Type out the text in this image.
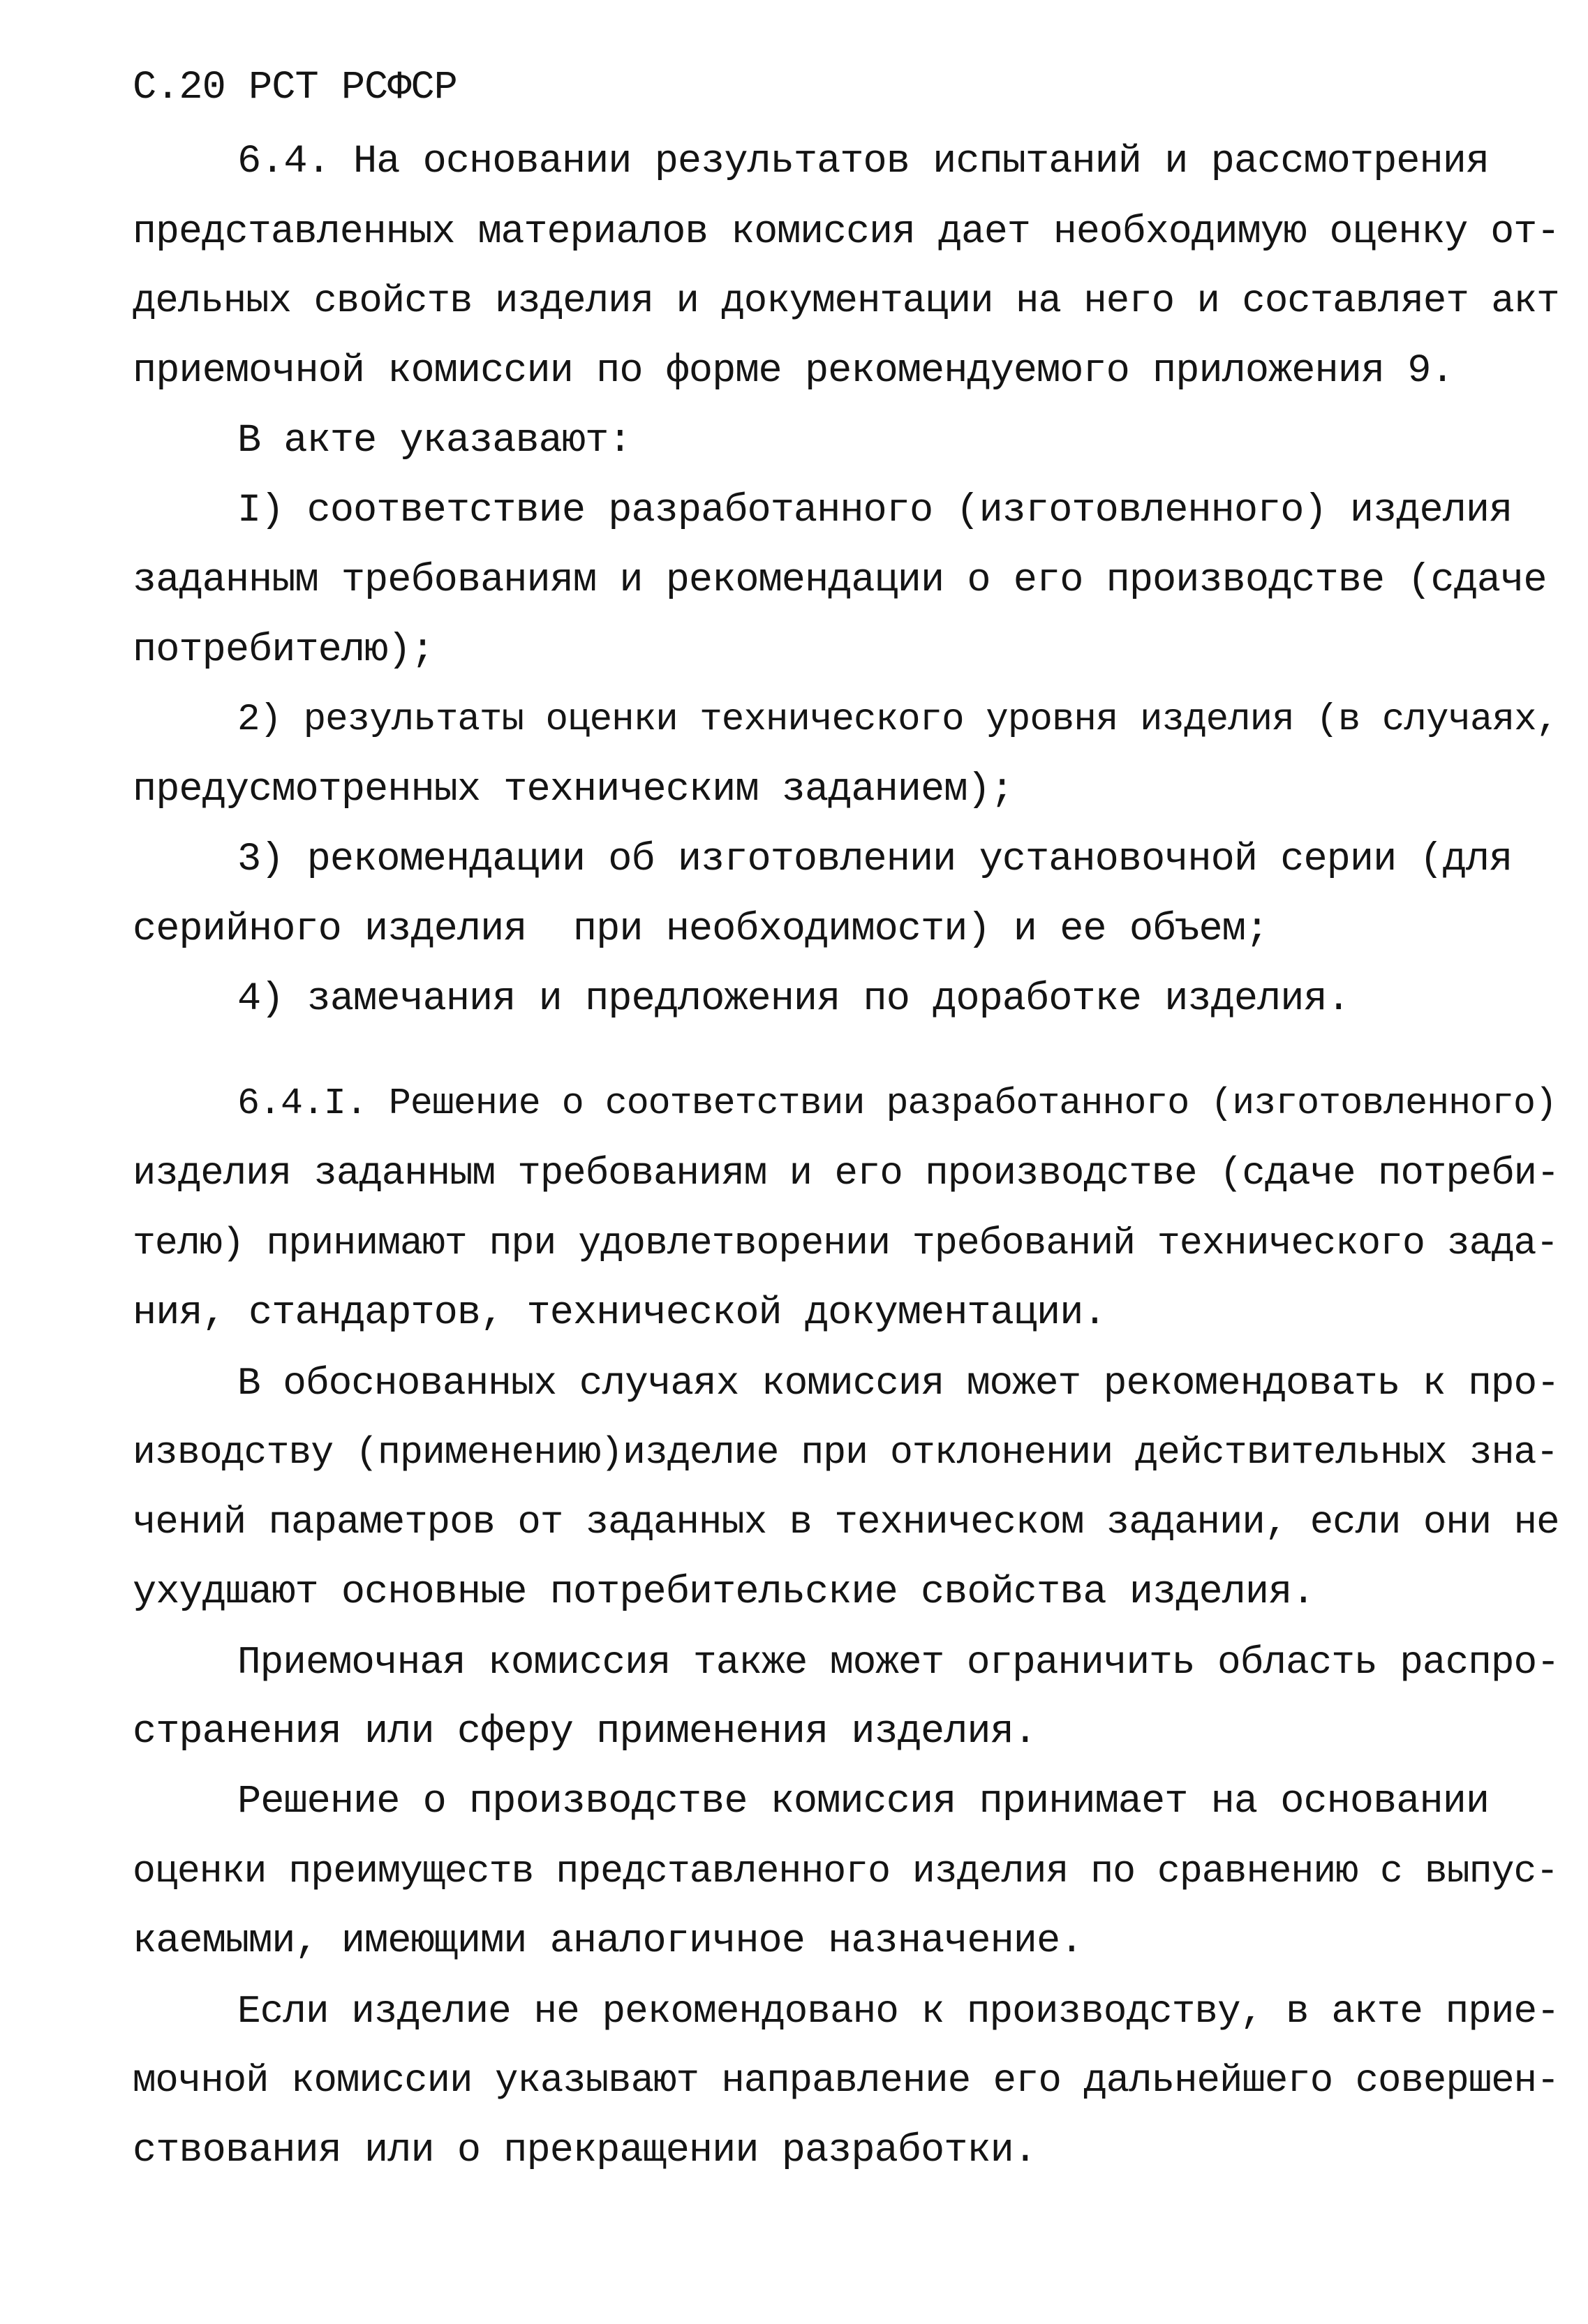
С.20 РСТ РСФСР
6.4. На основании результатов испытаний и рассмотрения
представленных материалов комиссия дает необходимую оценку от-
дельных свойств изделия и документации на него и составляет акт
приемочной комиссии по форме рекомендуемого приложения 9.
В акте указавают:
I) соответствие разработанного (изготовленного) изделия
заданным требованиям и рекомендации о его производстве (сдаче
потребителю);
2) результаты оценки технического уровня изделия (в случаях,
предусмотренных техническим заданием);
3) рекомендации об изготовлении установочной серии (для
серийного изделия  при необходимости) и ее объем;
4) замечания и предложения по доработке изделия.
6.4.I. Решение о соответствии разработанного (изготовленного)
изделия заданным требованиям и его производстве (сдаче потреби-
телю) принимают при удовлетворении требований технического зада-
ния, стандартов, технической документации.
В обоснованных случаях комиссия может рекомендовать к про-
изводству (применению)изделие при отклонении действительных зна-
чений параметров от заданных в техническом задании, если они не
ухудшают основные потребительские свойства изделия.
Приемочная комиссия также может ограничить область распро-
странения или сферу применения изделия.
Решение о производстве комиссия принимает на основании
оценки преимуществ представленного изделия по сравнению с выпус-
каемыми, имеющими аналогичное назначение.
Если изделие не рекомендовано к производству, в акте прие-
мочной комиссии указывают направление его дальнейшего совершен-
ствования или о прекращении разработки.
